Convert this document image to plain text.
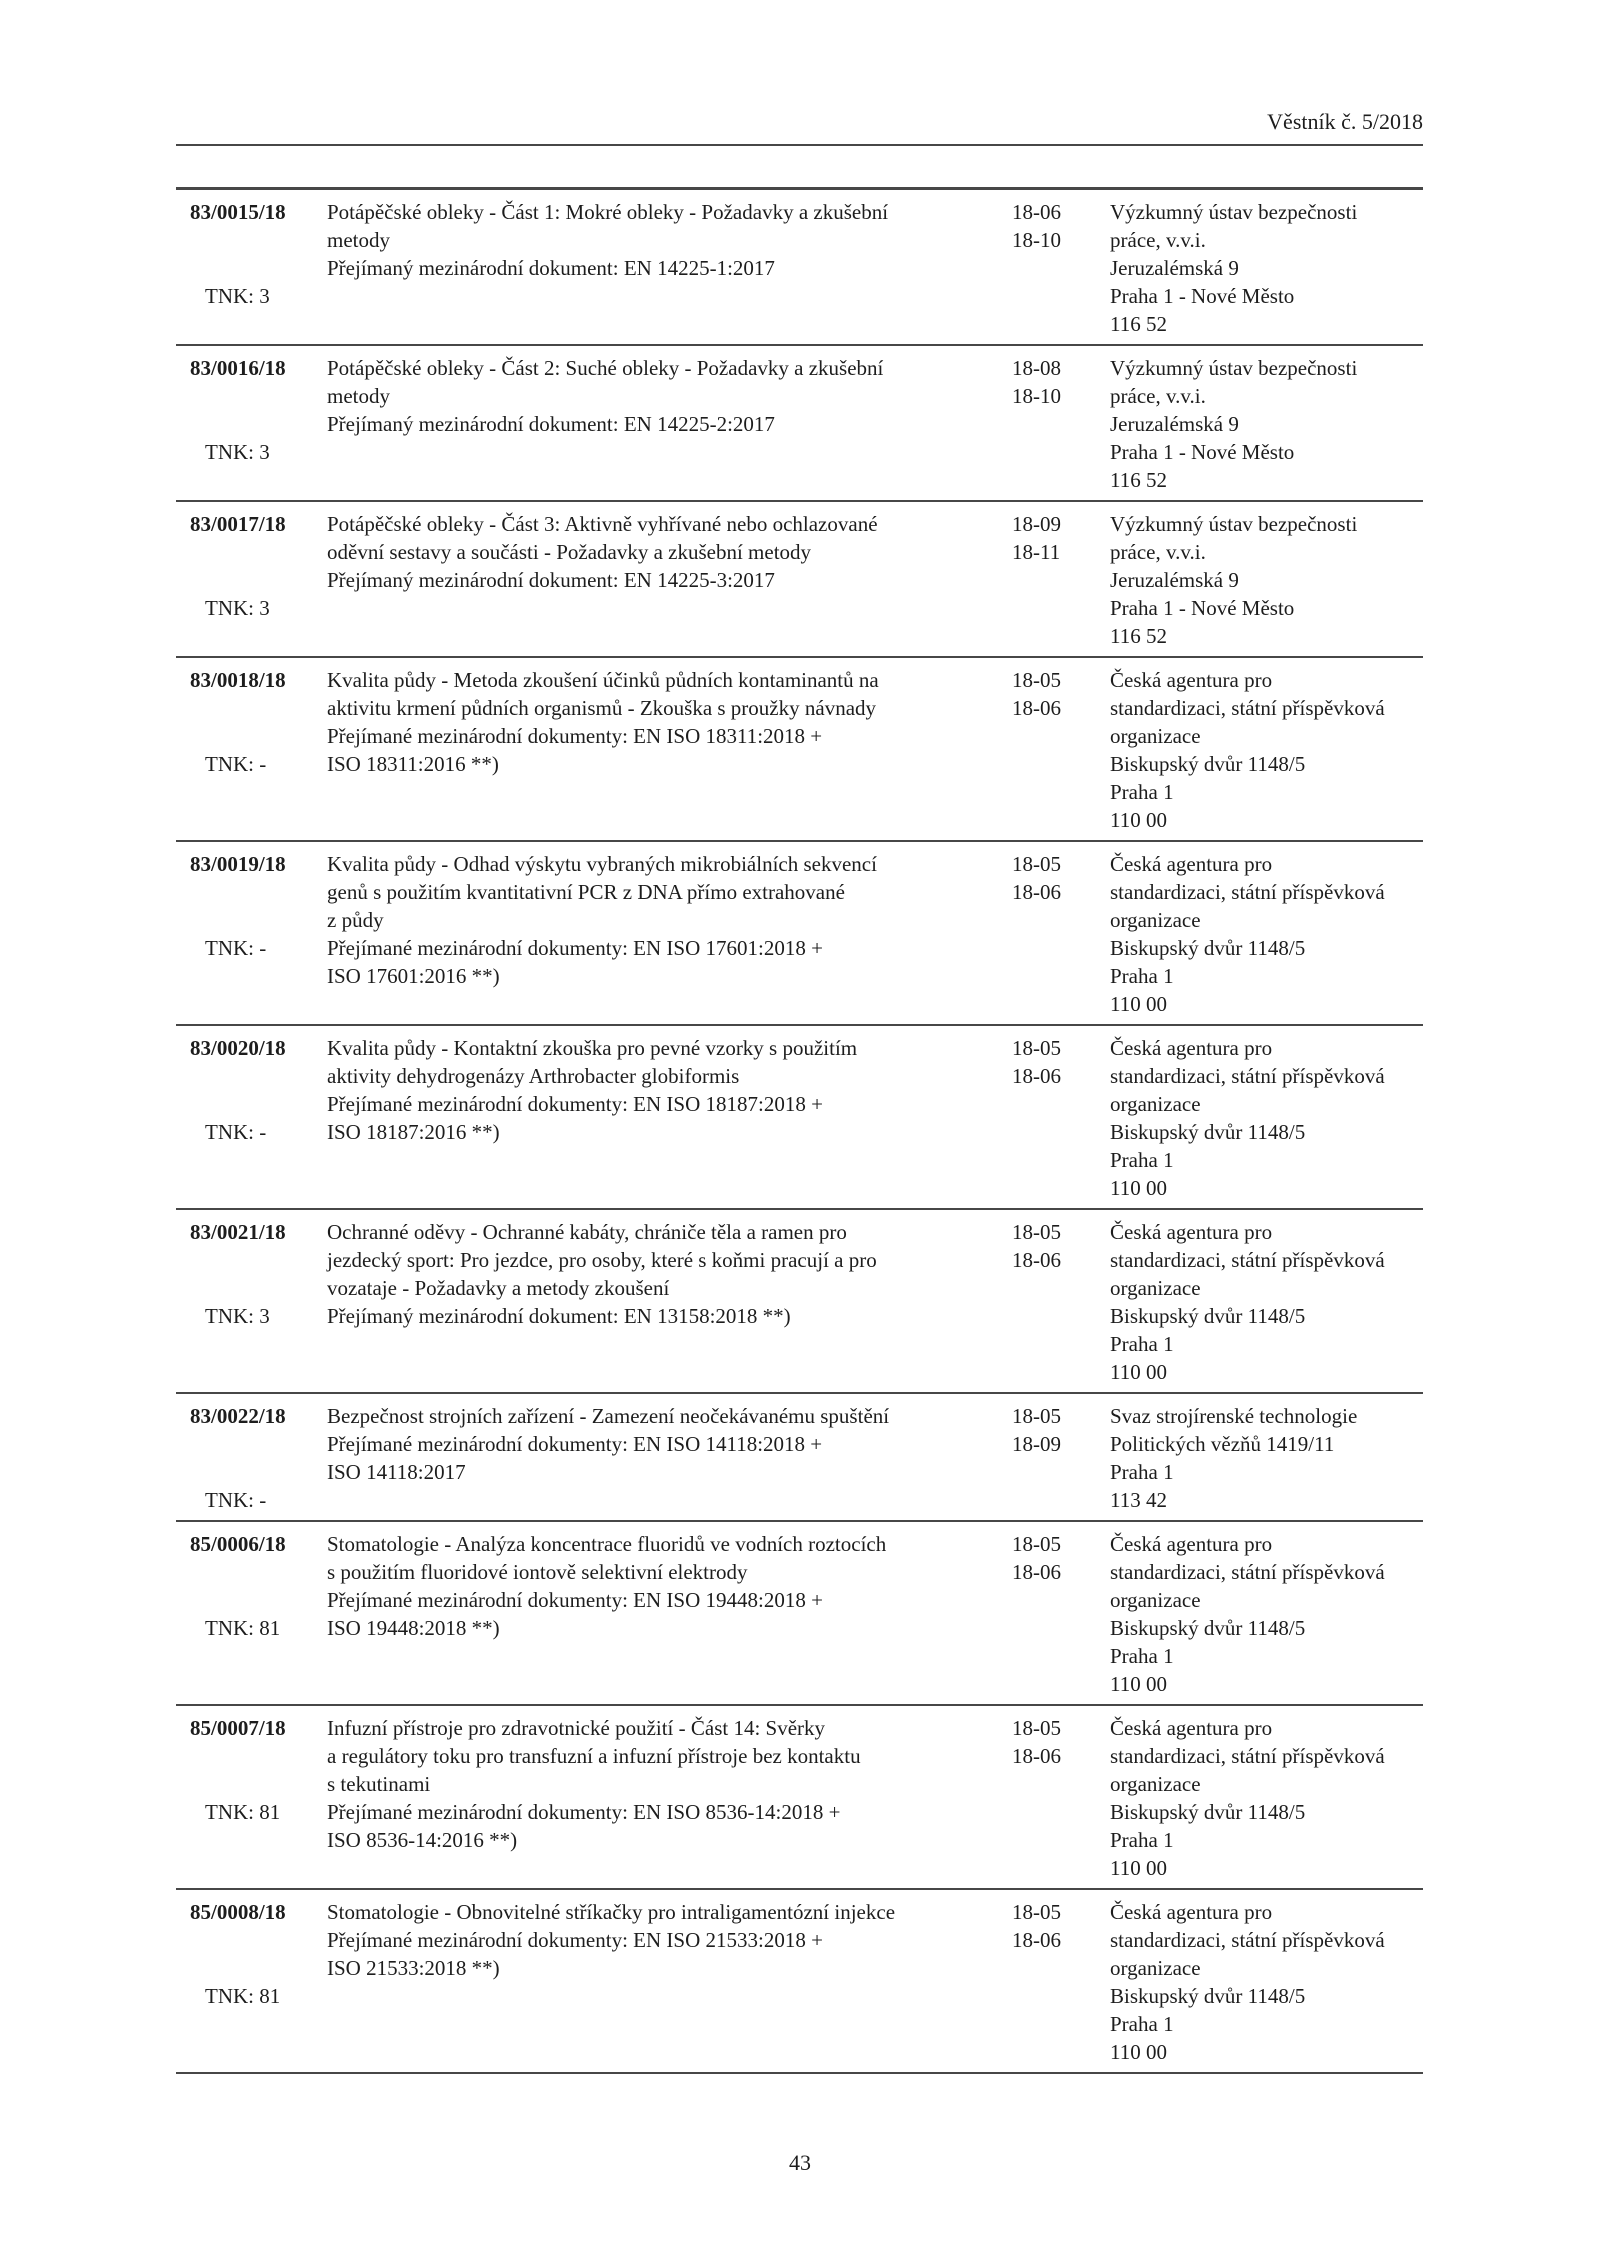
Věstník č. 5/2018
83/0015/18
TNK: 3
Potápěčské obleky - Část 1: Mokré obleky - Požadavky a zkušební
metody
Přejímaný mezinárodní dokument: EN 14225-1:2017
18-06
18-10
Výzkumný ústav bezpečnosti
práce, v.v.i.
Jeruzalémská 9
Praha 1 - Nové Město
116 52
83/0016/18
TNK: 3
Potápěčské obleky - Část 2: Suché obleky - Požadavky a zkušební
metody
Přejímaný mezinárodní dokument: EN 14225-2:2017
18-08
18-10
Výzkumný ústav bezpečnosti
práce, v.v.i.
Jeruzalémská 9
Praha 1 - Nové Město
116 52
83/0017/18
TNK: 3
Potápěčské obleky - Část 3: Aktivně vyhřívané nebo ochlazované
oděvní sestavy a součásti - Požadavky a zkušební metody
Přejímaný mezinárodní dokument: EN 14225-3:2017
18-09
18-11
Výzkumný ústav bezpečnosti
práce, v.v.i.
Jeruzalémská 9
Praha 1 - Nové Město
116 52
83/0018/18
TNK: -
Kvalita půdy - Metoda zkoušení účinků půdních kontaminantů na
aktivitu krmení půdních organismů - Zkouška s proužky návnady
Přejímané mezinárodní dokumenty: EN ISO 18311:2018 +
ISO 18311:2016 **)
18-05
18-06
Česká agentura pro
standardizaci, státní příspěvková
organizace
Biskupský dvůr 1148/5
Praha 1
110 00
83/0019/18
TNK: -
Kvalita půdy - Odhad výskytu vybraných mikrobiálních sekvencí
genů s použitím kvantitativní PCR z DNA přímo extrahované
z půdy
Přejímané mezinárodní dokumenty: EN ISO 17601:2018 +
ISO 17601:2016 **)
18-05
18-06
Česká agentura pro
standardizaci, státní příspěvková
organizace
Biskupský dvůr 1148/5
Praha 1
110 00
83/0020/18
TNK: -
Kvalita půdy - Kontaktní zkouška pro pevné vzorky s použitím
aktivity dehydrogenázy Arthrobacter globiformis
Přejímané mezinárodní dokumenty: EN ISO 18187:2018 +
ISO 18187:2016 **)
18-05
18-06
Česká agentura pro
standardizaci, státní příspěvková
organizace
Biskupský dvůr 1148/5
Praha 1
110 00
83/0021/18
TNK: 3
Ochranné oděvy - Ochranné kabáty, chrániče těla a ramen pro
jezdecký sport: Pro jezdce, pro osoby, které s koňmi pracují a pro
vozataje - Požadavky a metody zkoušení
Přejímaný mezinárodní dokument: EN 13158:2018 **)
18-05
18-06
Česká agentura pro
standardizaci, státní příspěvková
organizace
Biskupský dvůr 1148/5
Praha 1
110 00
83/0022/18
TNK: -
Bezpečnost strojních zařízení - Zamezení neočekávanému spuštění
Přejímané mezinárodní dokumenty: EN ISO 14118:2018 +
ISO 14118:2017
18-05
18-09
Svaz strojírenské technologie
Politických vězňů 1419/11
Praha 1
113 42
85/0006/18
TNK: 81
Stomatologie - Analýza koncentrace fluoridů ve vodních roztocích
s použitím fluoridové iontově selektivní elektrody
Přejímané mezinárodní dokumenty: EN ISO 19448:2018 +
ISO 19448:2018 **)
18-05
18-06
Česká agentura pro
standardizaci, státní příspěvková
organizace
Biskupský dvůr 1148/5
Praha 1
110 00
85/0007/18
TNK: 81
Infuzní přístroje pro zdravotnické použití - Část 14: Svěrky
a regulátory toku pro transfuzní a infuzní přístroje bez kontaktu
s tekutinami
Přejímané mezinárodní dokumenty: EN ISO 8536-14:2018 +
ISO 8536-14:2016 **)
18-05
18-06
Česká agentura pro
standardizaci, státní příspěvková
organizace
Biskupský dvůr 1148/5
Praha 1
110 00
85/0008/18
TNK: 81
Stomatologie - Obnovitelné stříkačky pro intraligamentózní injekce
Přejímané mezinárodní dokumenty: EN ISO 21533:2018 +
ISO 21533:2018 **)
18-05
18-06
Česká agentura pro
standardizaci, státní příspěvková
organizace
Biskupský dvůr 1148/5
Praha 1
110 00
43
